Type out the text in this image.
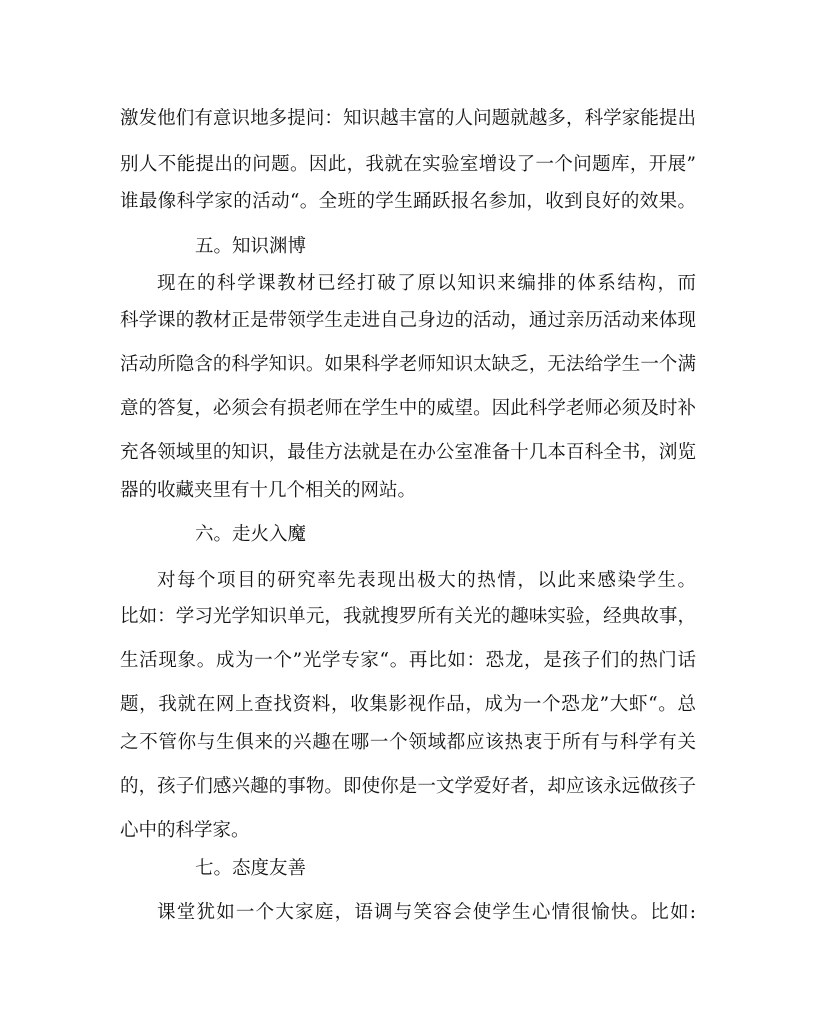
激发他们有意识地多提问：知识越丰富的人问题就越多，科学家能提出
别人不能提出的问题。因此，我就在实验室增设了一个问题库，开展”
谁最像科学家的活动“。全班的学生踊跃报名参加，收到良好的效果。
五。知识渊博
现在的科学课教材已经打破了原以知识来编排的体系结构，而
科学课的教材正是带领学生走进自己身边的活动，通过亲历活动来体现
活动所隐含的科学知识。如果科学老师知识太缺乏，无法给学生一个满
意的答复，必须会有损老师在学生中的威望。因此科学老师必须及时补
充各领域里的知识，最佳方法就是在办公室准备十几本百科全书，浏览
器的收藏夹里有十几个相关的网站。
六。走火入魔
对每个项目的研究率先表现出极大的热情，以此来感染学生。
比如：学习光学知识单元，我就搜罗所有关光的趣味实验，经典故事，
生活现象。成为一个”光学专家“。再比如：恐龙，是孩子们的热门话
题，我就在网上查找资料，收集影视作品，成为一个恐龙”大虾“。总
之不管你与生俱来的兴趣在哪一个领域都应该热衷于所有与科学有关
的，孩子们感兴趣的事物。即使你是一文学爱好者，却应该永远做孩子
心中的科学家。
七。态度友善
课堂犹如一个大家庭，语调与笑容会使学生心情很愉快。比如:
